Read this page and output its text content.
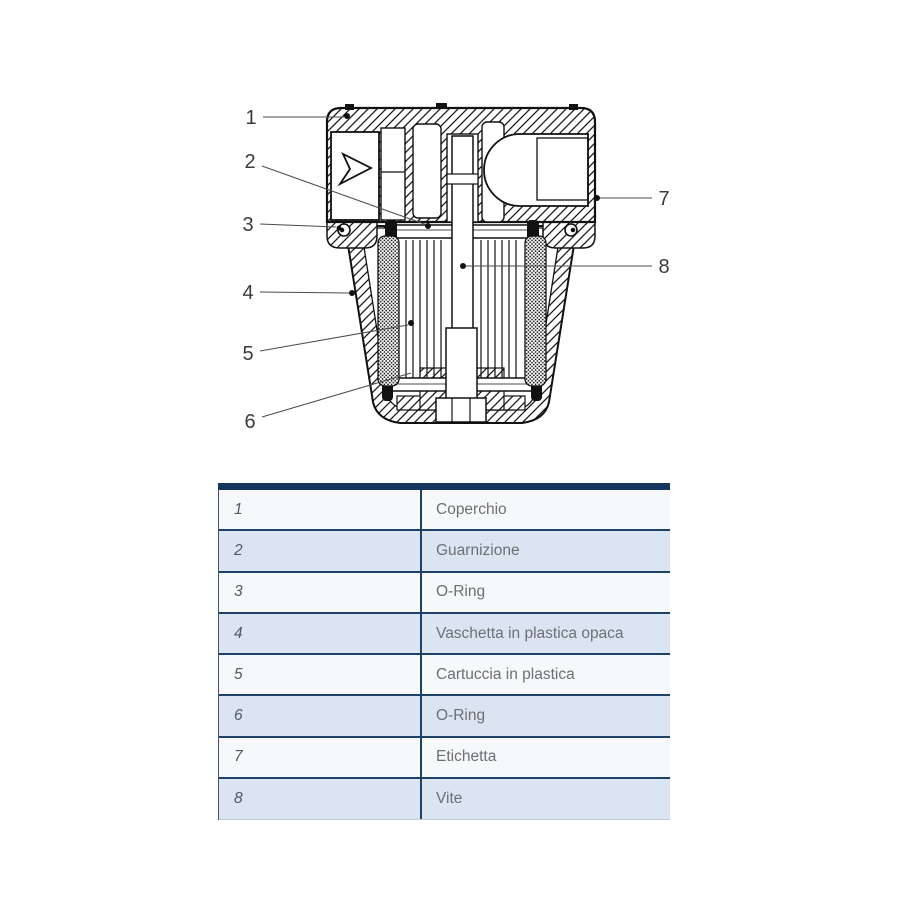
1
2
3
4
5
6
7
8
1	Coperchio
2	Guarnizione
3	O-Ring
4	Vaschetta in plastica opaca
5	Cartuccia in plastica
6	O-Ring
7	Etichetta
8	Vite
